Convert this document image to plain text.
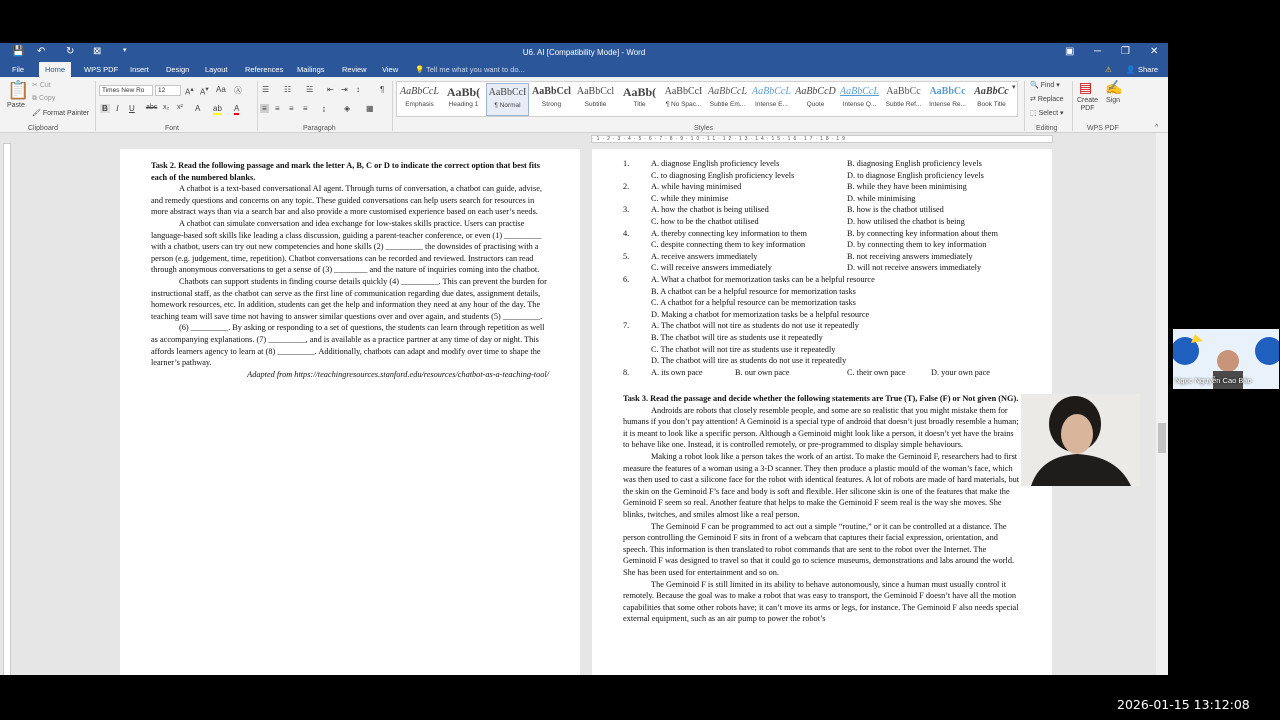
💾 ↶ ↻ ⊠	▾	U6. AI [Compatibility Mode] - Word	▣ ─ ❐ ✕
File	Home	WPS PDF Insert Design Layout References Mailings Review View 💡 Tell me what you want to do...	⚠ 👤 Share
📋
Paste
✂ Cut
⧉ Copy
🖌 Format Painter
Clipboard
Times New Ro	12	A▴ A▾ Aa Ⓐ
B I U abc x₂ x² A ab A
Font
☰ ☷ ☱ ⇤ ⇥ ↕	¶
≡ ≡ ≡ ≡ ↨ ◈ ▦
Paragraph
AaBbCcL
Emphasis
AaBb(
Heading 1
AaBbCcI
¶ Normal
AaBbCcl
Strong
AaBbCcl
Subtitle
AaBb(
Title
AaBbCcI
¶ No Spac...
AaBbCcL
Subtle Em...
AaBbCcL
Intense E...
AaBbCcD
Quote
AaBbCcL
Intense Q...
AaBbCc
Subtle Ref...
AaBbCc
Intense Re...
AaBbCc
Book Title
▾
Styles
🔍 Find ▾
⇄ Replace
⬚ Select ▾
Editing
▤
Create
PDF
✍
Sign
WPS PDF	^
·1·2·3·4·5·6·7·8·9·10·11·12·13·14·15·16·17·18·19

Task 2. Read the following passage and mark the letter A, B, C or D to indicate the correct option that best fits each of the numbered blanks.

A chatbot is a text-based conversational AI agent. Through turns of conversation, a chatbot can guide, advise, and remedy questions and concerns on any topic. These guided conversations can help users search for resources in more abstract ways than via a search bar and also provide a more customised experience based on each user’s needs.

A chatbot can simulate conversation and idea exchange for low-stakes skills practice. Users can practise language-based soft skills like leading a class discussion, guiding a parent-teacher conference, or even (1) _________ with a chatbot, users can try out new competencies and hone skills (2) _________ the downsides of practising with a person (e.g. judgement, time, repetition). Chatbot conversations can be recorded and reviewed. Instructors can read through anonymous conversations to get a sense of (3) ________ and the nature of inquiries coming into the chatbot.

Chatbots can support students in finding course details quickly (4) _________. This can prevent the burden for instructional staff, as the chatbot can serve as the first line of communication regarding due dates, assignment details, homework resources, etc. In addition, students can get the help and information they need at any hour of the day. The teaching team will save time not having to answer similar questions over and over again, and students (5) _________.

(6) _________. By asking or responding to a set of questions, the students can learn through repetition as well as accompanying explanations. (7) _________, and is available as a practice partner at any time of day or night. This affords learners agency to learn at (8) _________. Additionally, chatbots can adapt and modify over time to shape the learner’s pathway.

Adapted from https://teachingresources.stanford.edu/resources/chatbot-as-a-teaching-tool/

1.	A. diagnose English proficiency levels	B. diagnosing English proficiency levels
C. to diagnosing English proficiency levels	D. to diagnose English proficiency levels
2.	A. while having minimised	B. while they have been minimising
C. while they minimise	D. while minimising
3.	A. how the chatbot is being utilised	B. how is the chatbot utilised
C. how to be the chatbot utilised	D. how utilised the chatbot is being
4.	A. thereby connecting key information to them	B. by connecting key information about them
C. despite connecting them to key information	D. by connecting them to key information
5.	A. receive answers immediately	B. not receiving answers immediately
C. will receive answers immediately	D. will not receive answers immediately
6.	A. What a chatbot for memorization tasks can be a helpful resource
B. A chatbot can be a helpful resource for memorization tasks
C. A chatbot for a helpful resource can be memorization tasks
D. Making a chatbot for memorization tasks be a helpful resource
7.	A. The chatbot will not tire as students do not use it repeatedly
B. The chatbot will tire as students use it repeatedly
C. The chatbot will not tire as students use it repeatedly
D. The chatbot will tire as students do not use it repeatedly
8.	A. its own pace	B. our own pace	C. their own pace	D. your own pace

Task 3. Read the passage and decide whether the following statements are True (T), False (F) or Not given (NG).

Androids are robots that closely resemble people, and some are so realistic that you might mistake them for humans if you don’t pay attention! A Geminoid is a special type of android that doesn’t just broadly resemble a human; it is meant to look like a specific person. Although a Geminoid might look like a person, it doesn’t yet have the brains to behave like one. Instead, it is controlled remotely, or pre-programmed to display simple behaviours.

Making a robot look like a person takes the work of an artist. To make the Geminoid F, researchers had to first measure the features of a woman using a 3-D scanner. They then produce a plastic mould of the woman’s face, which was then used to cast a silicone face for the robot with identical features. A lot of robots are made of hard materials, but the skin on the Geminoid F’s face and body is soft and flexible. Her silicone skin is one of the features that make the Geminoid F seem so real. Another feature that helps to make the Geminoid F seem real is the way she moves. She blinks, twitches, and smiles almost like a real person.

The Geminoid F can be programmed to act out a simple “routine,” or it can be controlled at a distance. The person controlling the Geminoid F sits in front of a webcam that captures their facial expression, orientation, and speech. This information is then translated to robot commands that are sent to the robot over the Internet. The Geminoid F was designed to travel so that it could go to science museums, demonstrations and labs around the world. She has been used for entertainment and so on.

The Geminoid F is still limited in its ability to behave autonomously, since a human must usually control it remotely. Because the goal was to make a robot that was easy to transport, the Geminoid F doesn’t have all the motion capabilities that some other robots have; it can’t move its arms or legs, for instance. The Geminoid F also needs special external equipment, such as an air pump to power the robot’s

Ngọc Nguyễn Cao Bảo
2026-01-15 13:12:08
